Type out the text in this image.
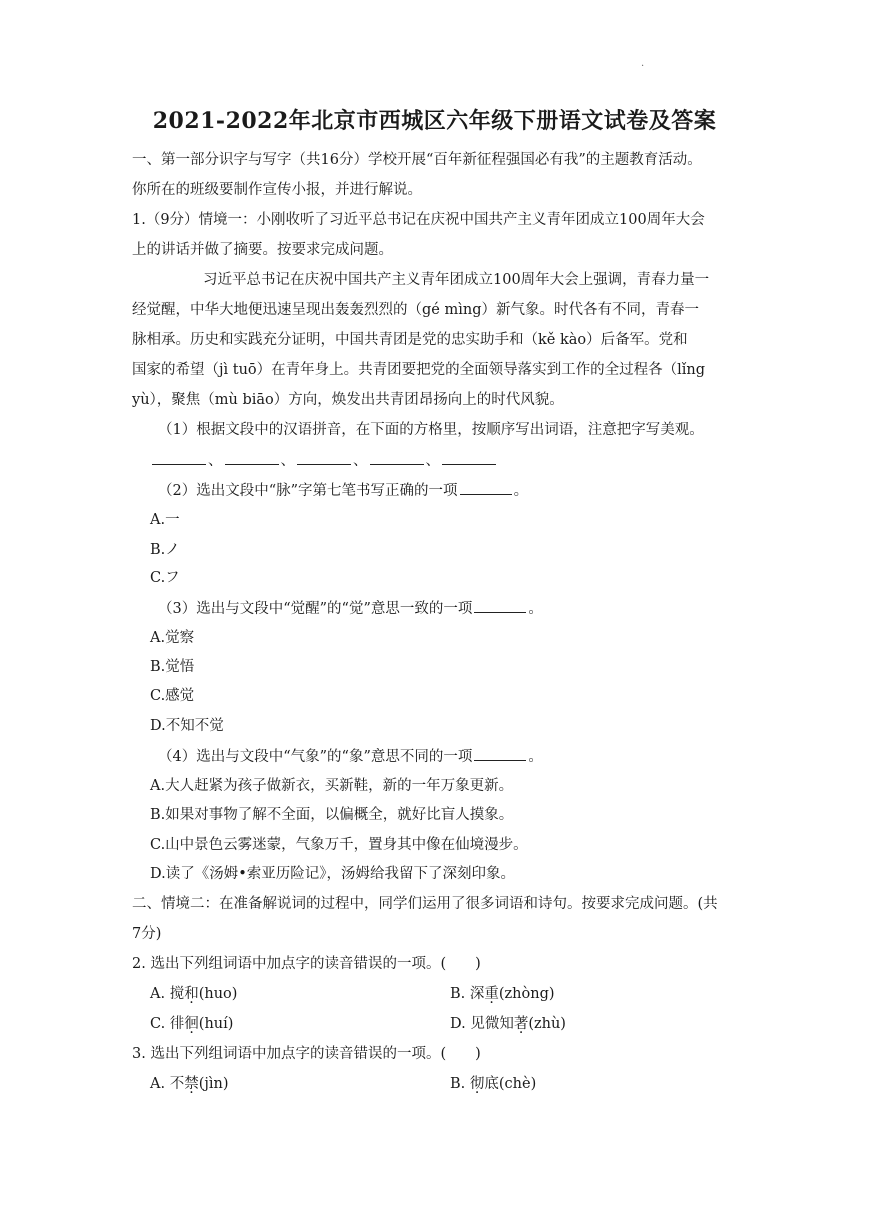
.
2021-2022年北京市西城区六年级下册语文试卷及答案
一、第一部分识字与写字（共16分）学校开展“百年新征程强国必有我”的主题教育活动。
你所在的班级要制作宣传小报，并进行解说。
1.（9分）情境一：小刚收听了习近平总书记在庆祝中国共产主义青年团成立100周年大会
上的讲话并做了摘要。按要求完成问题。
习近平总书记在庆祝中国共产主义青年团成立100周年大会上强调，青春力量一
经觉醒，中华大地便迅速呈现出轰轰烈烈的（gé mìng）新气象。时代各有不同，青春一
脉相承。历史和实践充分证明，中国共青团是党的忠实助手和（kě kào）后备军。党和
国家的希望（jì tuō）在青年身上。共青团要把党的全面领导落实到工作的全过程各（lǐng
yù），聚焦（mù biāo）方向，焕发出共青团昂扬向上的时代风貌。
（1）根据文段中的汉语拼音，在下面的方格里，按顺序写出词语，注意把字写美观。
、	、	、	、
（2）选出文段中“脉”字第七笔书写正确的一项	。
A.一
B.ノ
C.フ
（3）选出与文段中“觉醒”的“觉”意思一致的一项	。
A.觉察
B.觉悟
C.感觉
D.不知不觉
（4）选出与文段中“气象”的“象”意思不同的一项	。
A.大人赶紧为孩子做新衣，买新鞋，新的一年万象更新。
B.如果对事物了解不全面，以偏概全，就好比盲人摸象。
C.山中景色云雾迷蒙，气象万千，置身其中像在仙境漫步。
D.读了《汤姆•索亚历险记》，汤姆给我留下了深刻印象。
二、情境二：在准备解说词的过程中，同学们运用了很多词语和诗句。按要求完成问题。(共
7分)
2. 选出下列组词语中加点字的读音错误的一项。(　　)
A. 搅和(huo)	B. 深重(zhòng)
C. 徘徊(huí)	D. 见微知著(zhù)
3. 选出下列组词语中加点字的读音错误的一项。(　　)
A. 不禁(jìn)	B. 彻底(chè)
